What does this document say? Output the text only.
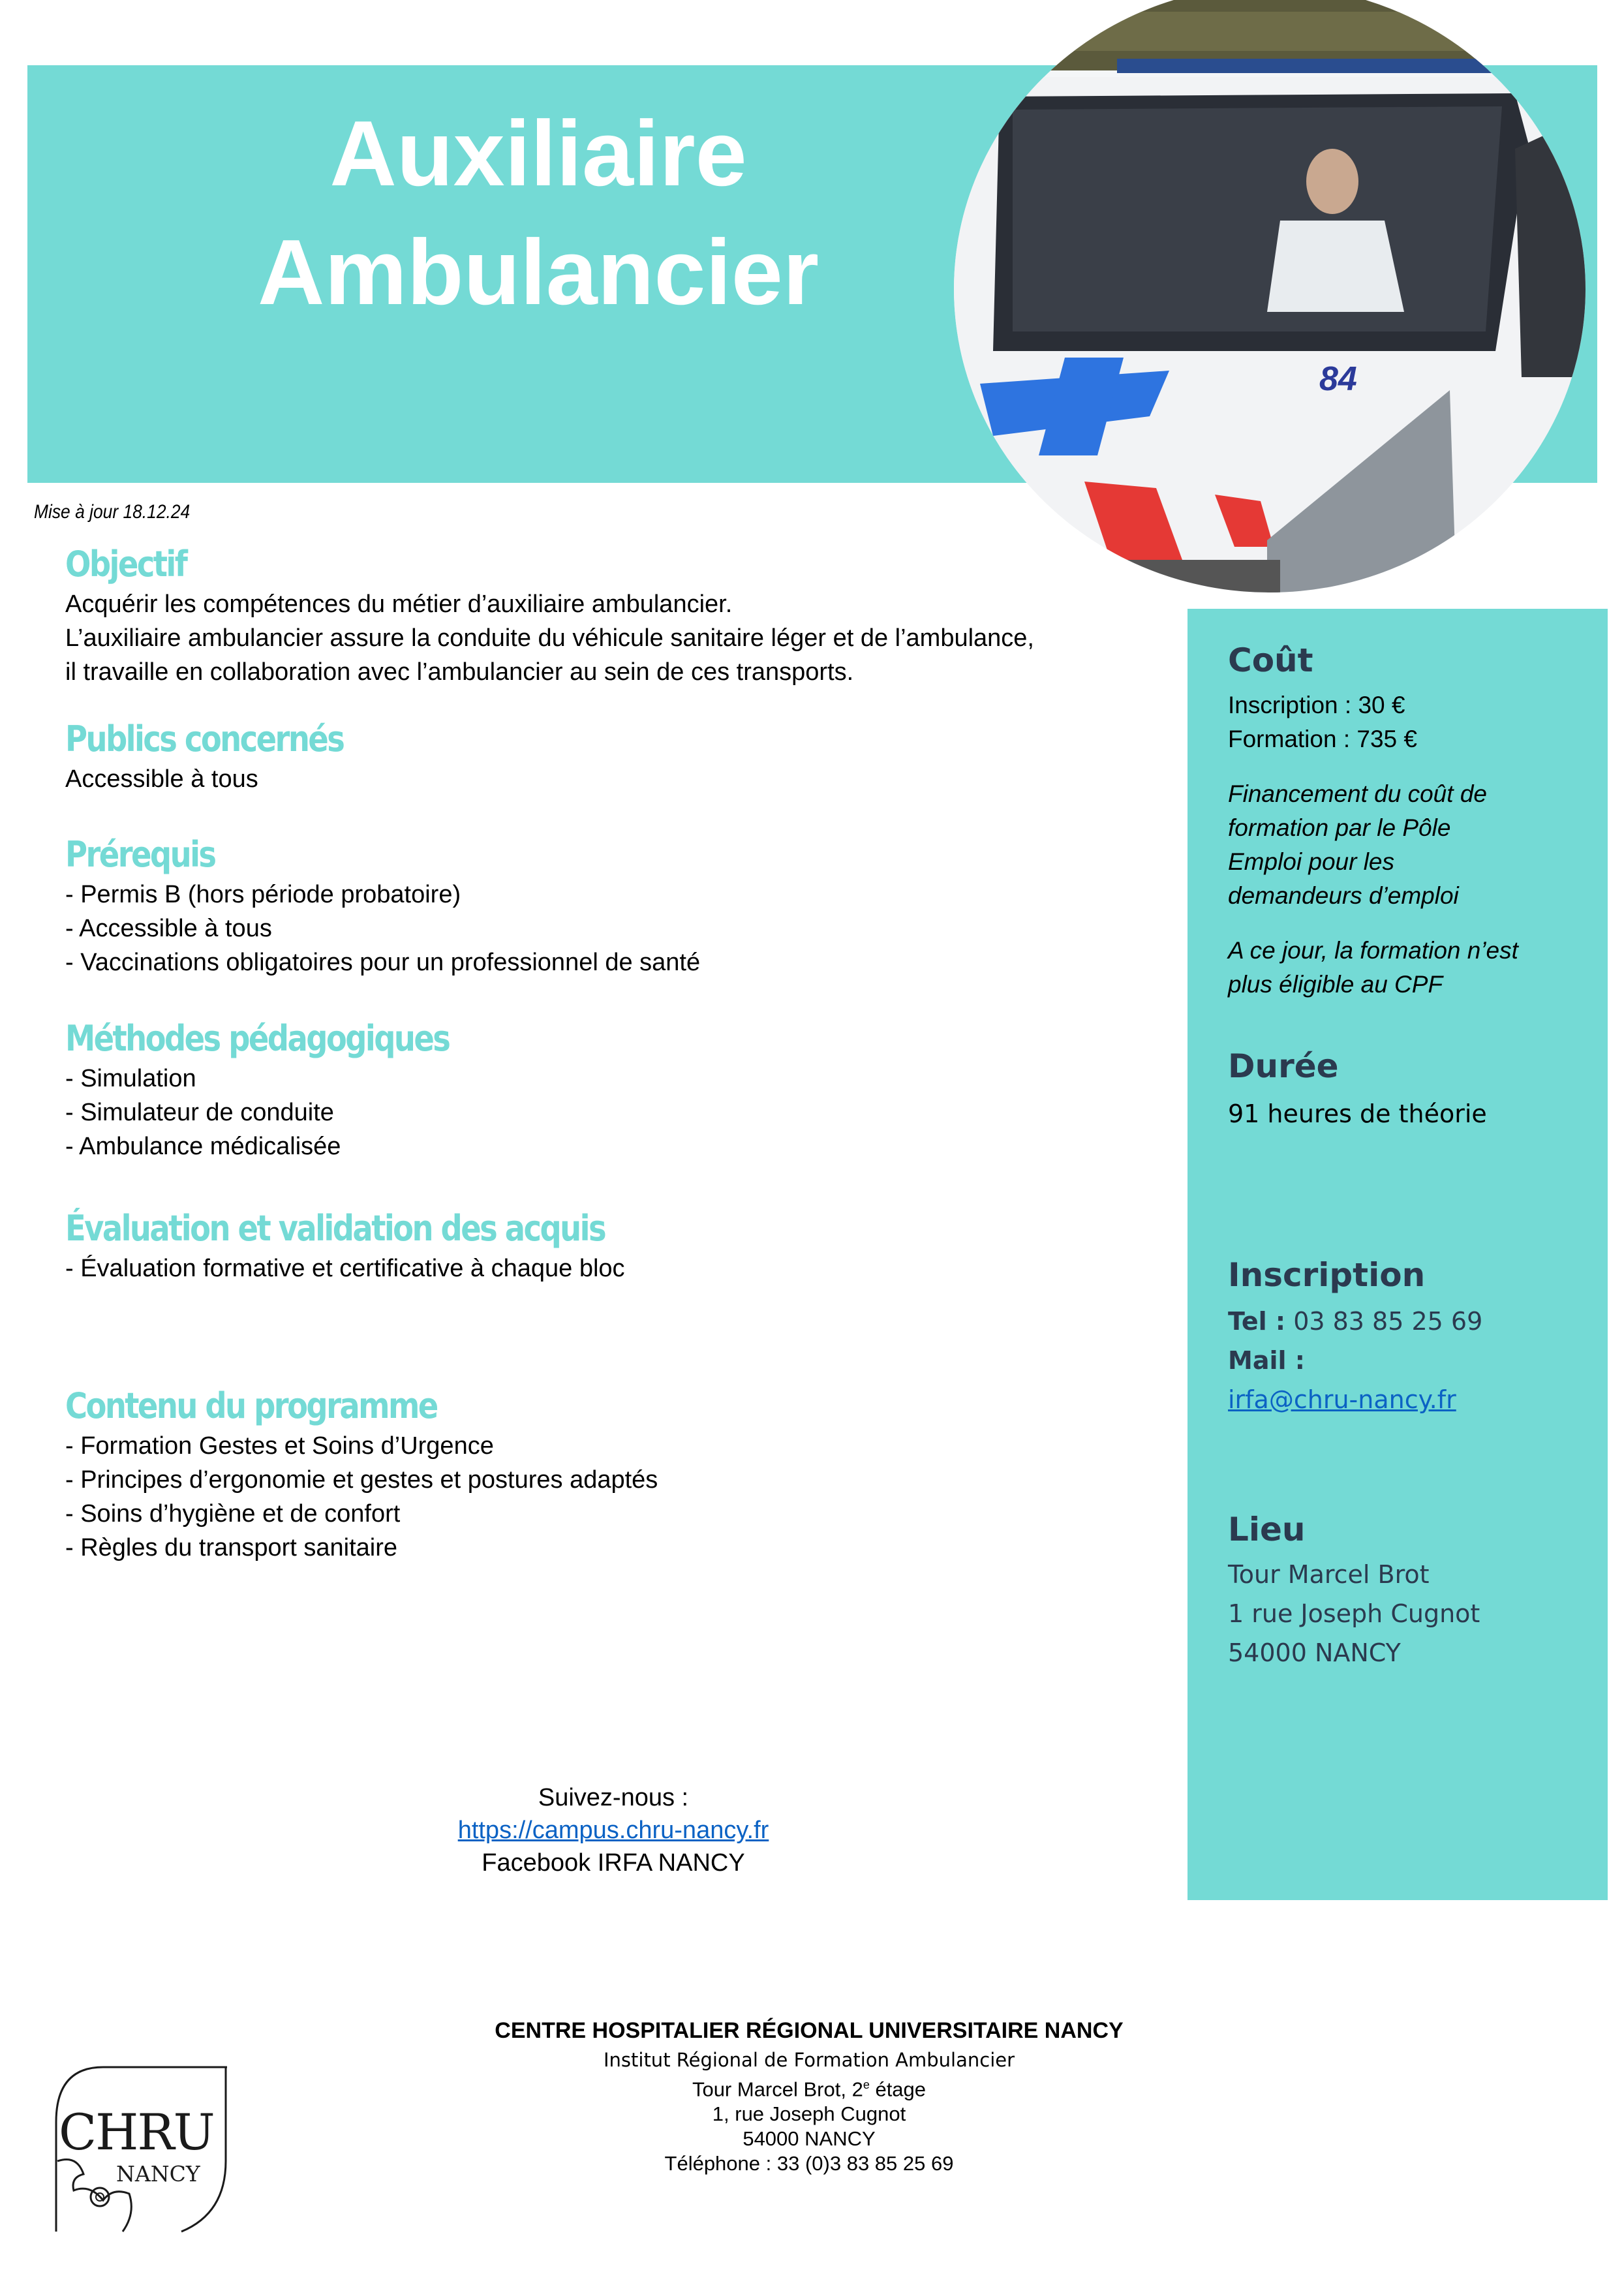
Auxiliaire
Ambulancier
84
Mise à jour 18.12.24
Objectif

Acquérir les compétences du métier d’auxiliaire ambulancier.

L’auxiliaire ambulancier assure la conduite du véhicule sanitaire léger et de l’ambulance,

il travaille en collaboration avec l’ambulancier au sein de ces transports.

Publics concernés

Accessible à tous

Prérequis

- Permis B (hors période probatoire)

- Accessible à tous

- Vaccinations obligatoires pour un professionnel de santé

Méthodes pédagogiques

- Simulation

- Simulateur de conduite

- Ambulance médicalisée

Évaluation et validation des acquis

- Évaluation formative et certificative à chaque bloc

Contenu du programme

- Formation Gestes et Soins d’Urgence

- Principes d’ergonomie et gestes et postures adaptés

- Soins d’hygiène et de confort

- Règles du transport sanitaire

Coût
Inscription : 30 €
Formation : 735 €
Financement du coût de
formation par le Pôle
Emploi pour les
demandeurs d’emploi
A ce jour, la formation n’est
plus éligible au CPF
Durée
91 heures de théorie
Inscription
Tel : 03 83 85 25 69
Mail :
irfa@chru-nancy.fr
Lieu
Tour Marcel Brot
1 rue Joseph Cugnot
54000 NANCY
Suivez-nous :
https://campus.chru-nancy.fr
Facebook IRFA NANCY
CHRU
NANCY
CENTRE HOSPITALIER RÉGIONAL UNIVERSITAIRE NANCY
Institut Régional de Formation Ambulancier
Tour Marcel Brot, 2e étage
1, rue Joseph Cugnot
54000 NANCY
Téléphone : 33 (0)3 83 85 25 69
